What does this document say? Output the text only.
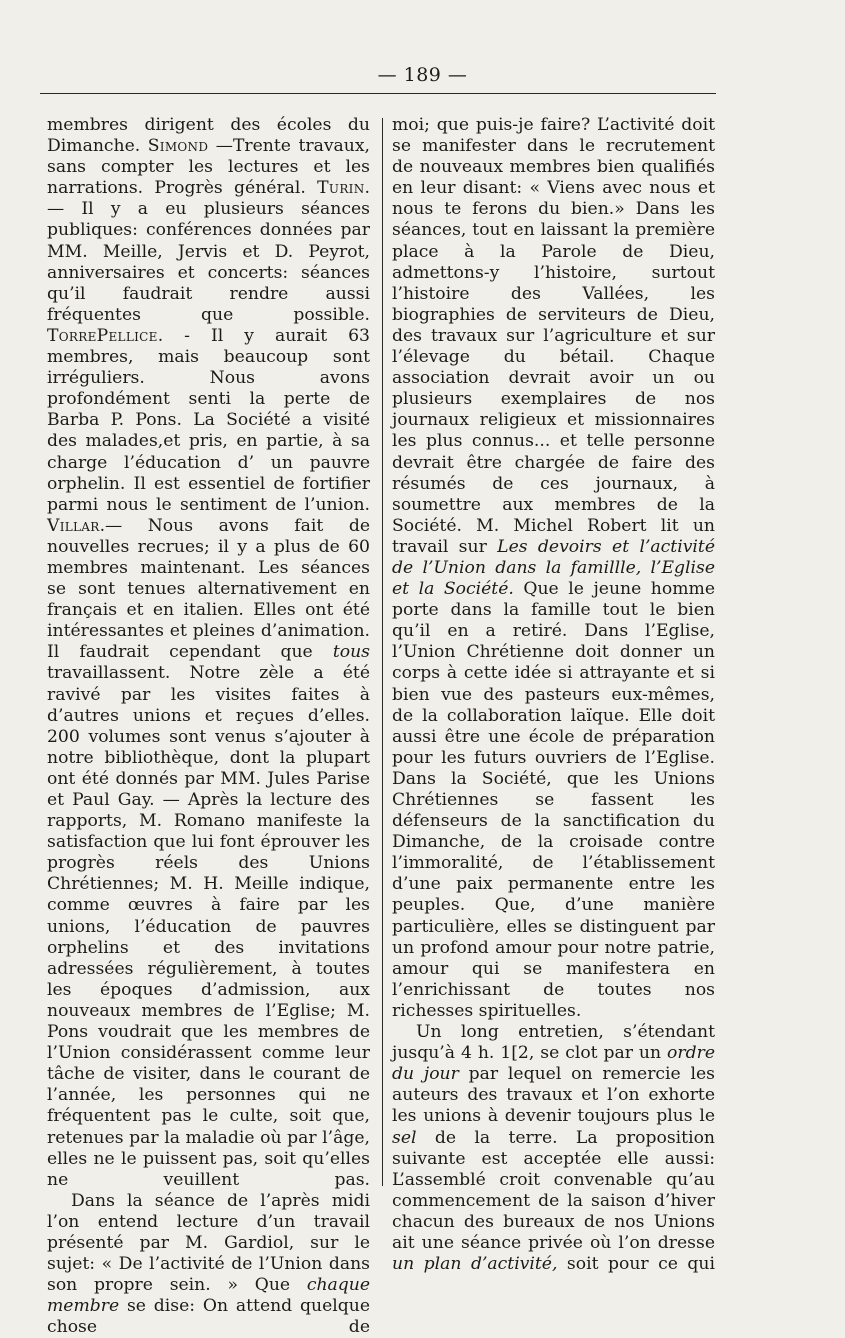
— 189 —

membres dirigent des écoles du Dimanche. Simond —Trente travaux, sans compter les lectures et les narrations. Progrès général. Turin. — Il y a eu plusieurs séances publiques: conférences données par MM. Meille, Jervis et D. Peyrot, anniversaires et concerts: séances qu’il faudrait rendre aussi fréquentes que possible. TorrePellice. - Il y aurait 63 membres, mais beaucoup sont irréguliers. Nous avons profondément senti la perte de Barba P. Pons. La Société a visité des malades,et pris, en partie, à sa charge l’éducation d’ un pauvre orphelin. Il est essentiel de fortifier parmi nous le sentiment de l’union. Villar.— Nous avons fait de nouvelles recrues; il y a plus de 60 membres maintenant. Les séances se sont tenues alternativement en français et en italien. Elles ont été intéressantes et pleines d’animation. Il faudrait cependant que tous travaillassent. Notre zèle a été ravivé par les visites faites à d’autres unions et reçues d’elles. 200 volumes sont venus s’ajouter à notre bibliothèque, dont la plupart ont été donnés par MM. Jules Parise et Paul Gay. — Après la lecture des rapports, M. Romano manifeste la satisfaction que lui font éprouver les progrès réels des Unions Chrétiennes; M. H. Meille indique, comme œuvres à faire par les unions, l’éducation de pauvres orphelins et des invitations adressées régulièrement, à toutes les époques d’admission, aux nouveaux membres de l’Eglise; M. Pons voudrait que les membres de l’Union considérassent comme leur tâche de visiter, dans le courant de l’année, les personnes qui ne fréquentent pas le culte, soit que, retenues par la maladie où par l’âge, elles ne le puissent pas, soit qu’elles ne veuillent pas.

Dans la séance de l’après midi l’on entend lecture d’un travail présenté par M. Gardiol, sur le sujet: « De l’activité de l’Union dans son propre sein. » Que chaque membre se dise: On attend quelque chose de

moi; que puis-je faire? L’activité doit se manifester dans le recrutement de nouveaux membres bien qualifiés en leur disant: « Viens avec nous et nous te ferons du bien.» Dans les séances, tout en laissant la première place à la Parole de Dieu, admettons-y l’histoire, surtout l’histoire des Vallées, les biographies de serviteurs de Dieu, des travaux sur l’agriculture et sur l’élevage du bétail. Chaque association devrait avoir un ou plusieurs exemplaires de nos journaux religieux et missionnaires les plus connus... et telle personne devrait être chargée de faire des résumés de ces journaux, à soumettre aux membres de la Société. M. Michel Robert lit un travail sur Les devoirs et l’activité de l’Union dans la famillle, l’Eglise et la Société. Que le jeune homme porte dans la famille tout le bien qu’il en a retiré. Dans l’Eglise, l’Union Chrétienne doit donner un corps à cette idée si attrayante et si bien vue des pasteurs eux-mêmes, de la collaboration laïque. Elle doit aussi être une école de préparation pour les futurs ouvriers de l’Eglise. Dans la Société, que les Unions Chrétiennes se fassent les défenseurs de la sanctification du Dimanche, de la croisade contre l’immoralité, de l’établissement d’une paix permanente entre les peuples. Que, d’une manière particulière, elles se distinguent par un profond amour pour notre patrie, amour qui se manifestera en l’enrichissant de toutes nos richesses spirituelles.

Un long entretien, s’étendant jusqu’à 4 h. 1[2, se clot par un ordre du jour par lequel on remercie les auteurs des travaux et l’on exhorte les unions à devenir toujours plus le sel de la terre. La proposition suivante est acceptée elle aussi: L’assemblé croit convenable qu’au commencement de la saison d’hiver chacun des bureaux de nos Unions ait une séance privée où l’on dresse un plan d’activité, soit pour ce qui
